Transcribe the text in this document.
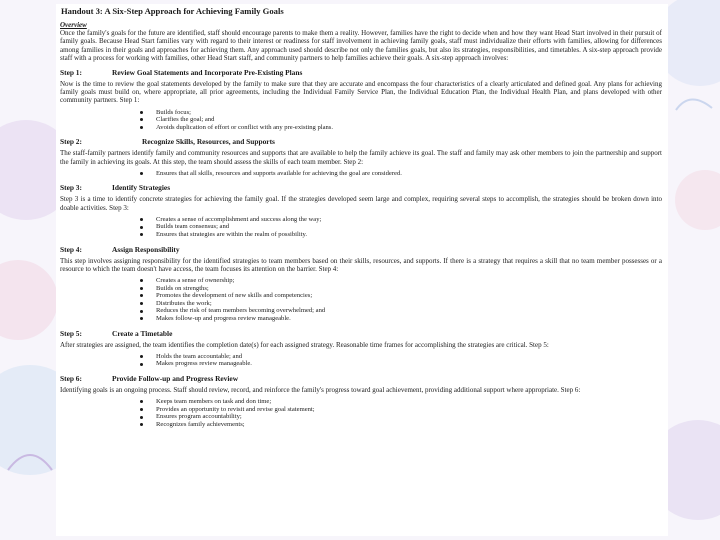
Handout 3: A Six-Step Approach for Achieving Family Goals
Overview

Once the family's goals for the future are identified, staff should encourage parents to make them a reality. However, families have the right to decide when and how they want Head Start involved in their pursuit of family goals. Because Head Start families vary with regard to their interest or readiness for staff involvement in achieving family goals, staff must individualize their efforts with families, allowing for differences among families in their goals and approaches for achieving them. Any approach used should describe not only the families goals, but also its strategies, responsibilities, and timetables. A six-step approach provide staff with a process for working with families, other Head Start staff, and community partners to help families achieve their goals. A six-step approach involves:

Step 1:	Review Goal Statements and Incorporate Pre-Existing Plans

Now is the time to review the goal statements developed by the family to make sure that they are accurate and encompass the four characteristics of a clearly articulated and defined goal. Any plans for achieving family goals must build on, where appropriate, all prior agreements, including the Individual Family Service Plan, the Individual Education Plan, the Individual Health Plan, and plans developed with other community partners. Step 1:

Builds focus;
Clarifies the goal; and
Avoids duplication of effort or conflict with any pre-existing plans.
Step 2:	Recognize Skills, Resources, and Supports

The staff-family partners identify family and community resources and supports that are available to help the family achieve its goal. The staff and family may ask other members to join the partnership and support the family in achieving its goals. At this step, the team should assess the skills of each team member. Step 2:

Ensures that all skills, resources and supports available for achieving the goal are considered.
Step 3:	Identify Strategies

Step 3 is a time to identify concrete strategies for achieving the family goal. If the strategies developed seem large and complex, requiring several steps to accomplish, the strategies should be broken down into doable activities. Step 3:

Creates a sense of accomplishment and success along the way;
Builds team consensus; and
Ensures that strategies are within the realm of possibility.
Step 4:	Assign Responsibility

This step involves assigning responsibility for the identified strategies to team members based on their skills, resources, and supports. If there is a strategy that requires a skill that no team member possesses or a resource to which the team doesn't have access, the team focuses its attention on the barrier. Step 4:

Creates a sense of ownership;
Builds on strengths;
Promotes the development of new skills and competencies;
Distributes the work;
Reduces the risk of team members becoming overwhelmed; and
Makes follow-up and progress review manageable.
Step 5:	Create a Timetable

After strategies are assigned, the team identifies the completion date(s) for each assigned strategy. Reasonable time frames for accomplishing the strategies are critical. Step 5:

Holds the team accountable; and
Makes progress review manageable.
Step 6:	Provide Follow-up and Progress Review

Identifying goals is an ongoing process. Staff should review, record, and reinforce the family's progress toward goal achievement, providing additional support where appropriate. Step 6:

Keeps team members on task and don time;
Provides an opportunity to revisit and revise goal statement;
Ensures program accountability;
Recognizes family achievements;
